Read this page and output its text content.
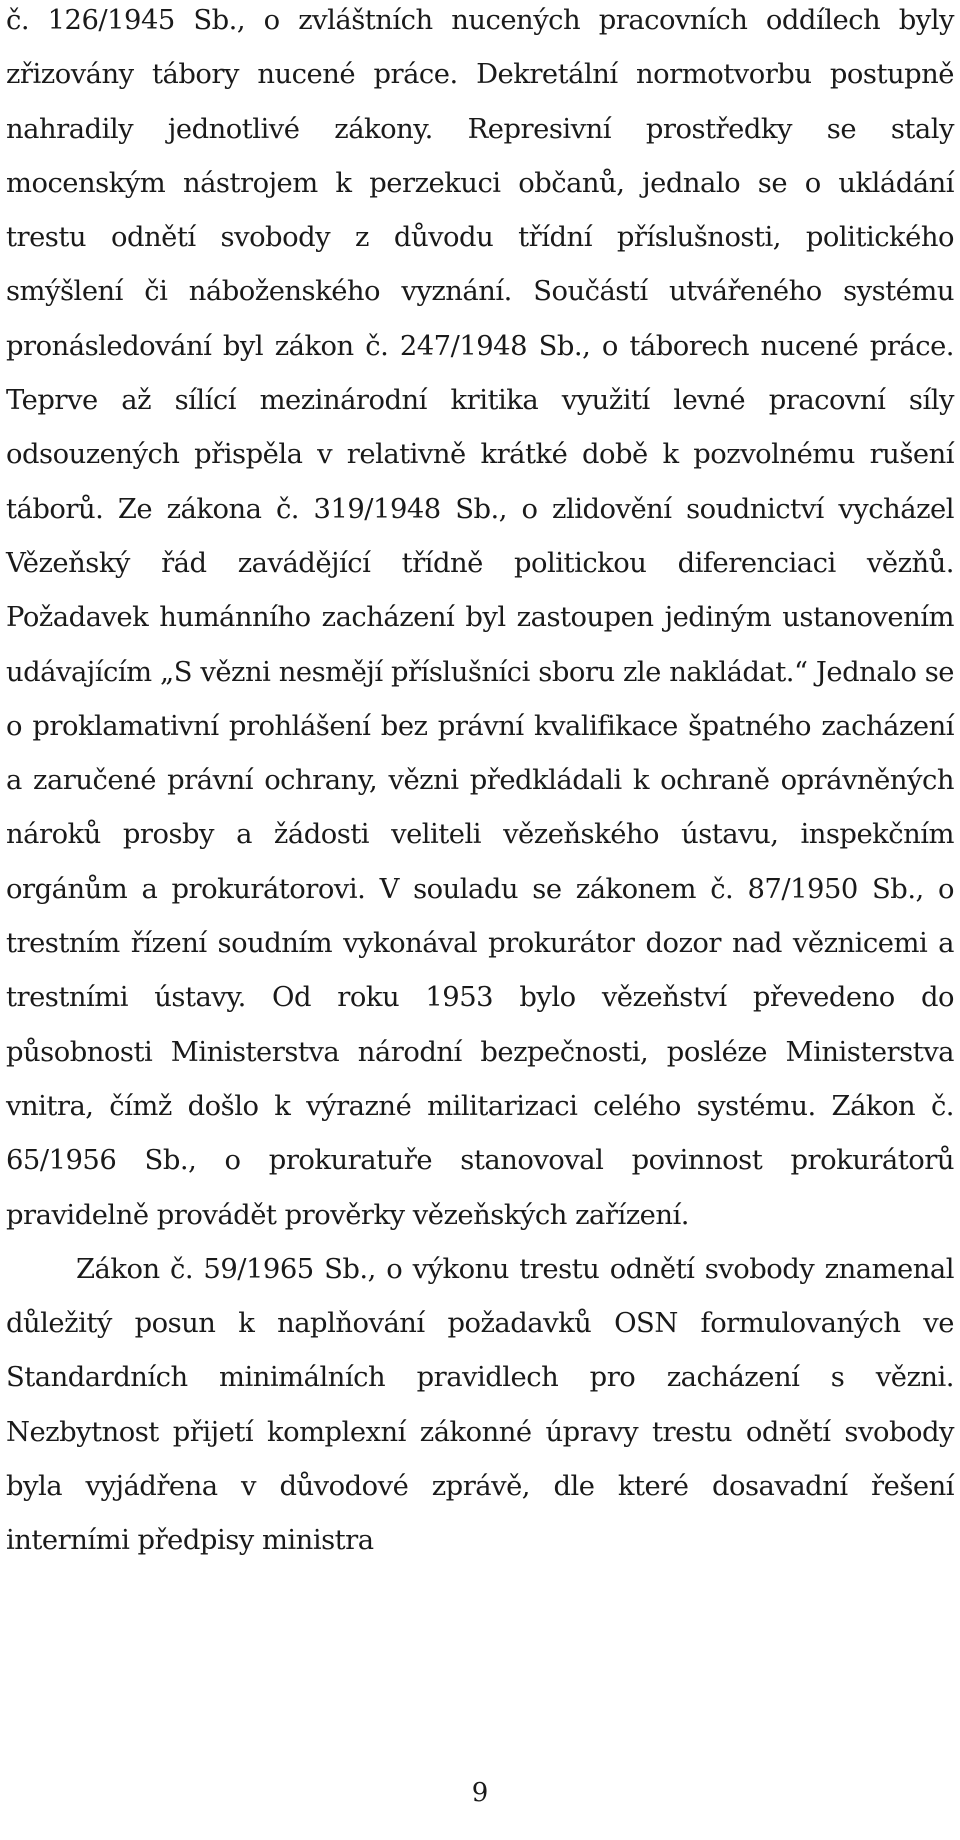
č. 126/1945 Sb., o zvláštních nucených pracovních oddílech byly zřizovány tábory nucené práce. Dekretální normotvorbu postupně nahradily jednotlivé zákony. Represivní prostředky se staly mocenským nástrojem k perzekuci občanů, jednalo se o ukládání trestu odnětí svobody z důvodu třídní příslušnosti, politického smýšlení či náboženského vyznání. Součástí utvářeného systému pronásledování byl zákon č. 247/1948 Sb., o táborech nucené práce. Teprve až sílící mezinárodní kritika využití levné pracovní síly odsouzených přispěla v relativně krátké době k pozvolnému rušení táborů. Ze zákona č. 319/1948 Sb., o zlidovění soudnictví vycházel Vězeňský řád zavádějící třídně politickou diferenciaci vězňů. Požadavek humánního zacházení byl zastoupen jediným ustanovením udávajícím „S vězni nesmějí příslušníci sboru zle nakládat.“ Jednalo se o proklamativní prohlášení bez právní kvalifikace špatného zacházení a zaručené právní ochrany, vězni předkládali k ochraně oprávněných nároků prosby a žádosti veliteli vězeňského ústavu, inspekčním orgánům a prokurátorovi. V souladu se zákonem č. 87/1950 Sb., o trestním řízení soudním vykonával prokurátor dozor nad věznicemi a trestními ústavy. Od roku 1953 bylo vězeňství převedeno do působnosti Ministerstva národní bezpečnosti, posléze Ministerstva vnitra, čímž došlo k výrazné militarizaci celého systému. Zákon č. 65/1956 Sb., o prokuratuře stanovoval povinnost prokurátorů pravidelně provádět prověrky vězeňských zařízení.

Zákon č. 59/1965 Sb., o výkonu trestu odnětí svobody znamenal důležitý posun k naplňování požadavků OSN formulovaných ve Standardních minimálních pravidlech pro zacházení s vězni. Nezbytnost přijetí komplexní zákonné úpravy trestu odnětí svobody byla vyjádřena v důvodové zprávě, dle které dosavadní řešení interními předpisy ministra

9
